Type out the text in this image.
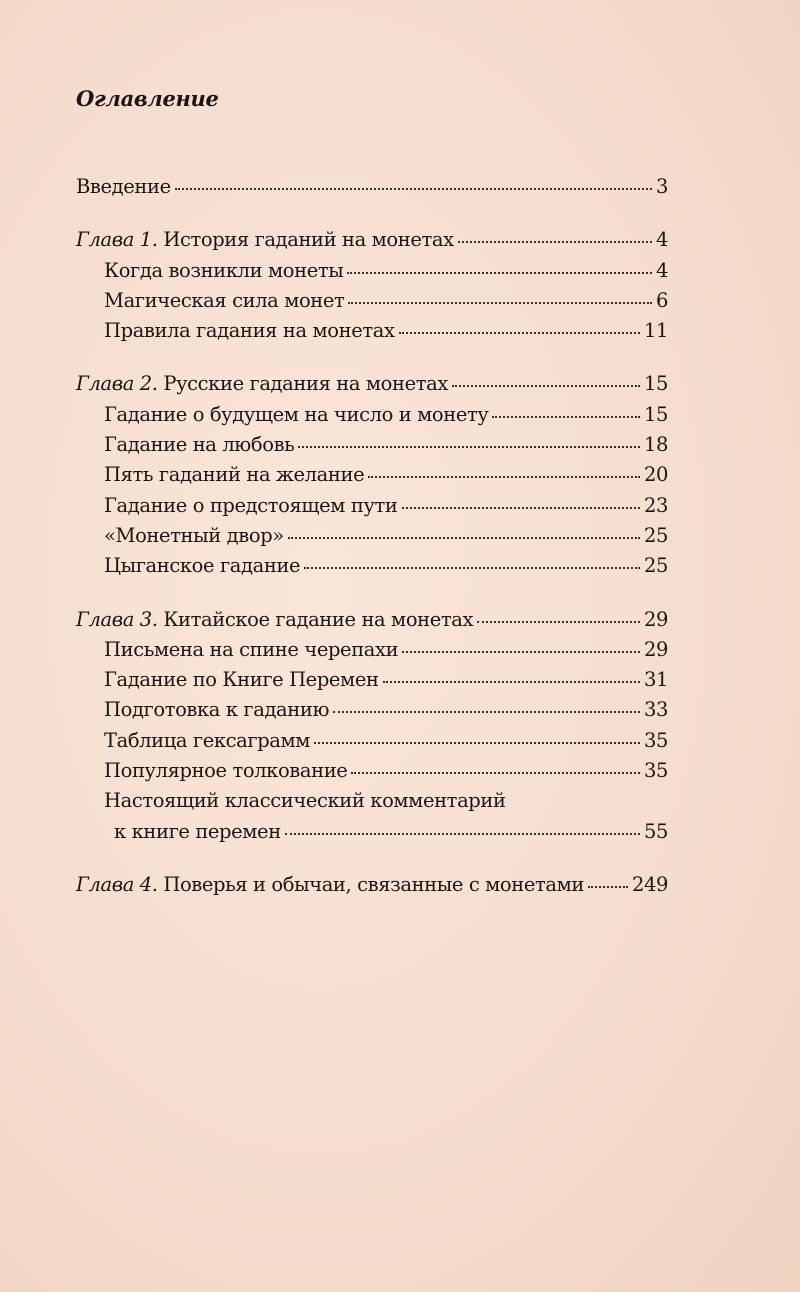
Оглавление
Введение	3
Глава 1. История гаданий на монетах	4
Когда возникли монеты	4
Магическая сила монет	6
Правила гадания на монетах	11
Глава 2. Русские гадания на монетах	15
Гадание о будущем на число и монету	15
Гадание на любовь	18
Пять гаданий на желание	20
Гадание о предстоящем пути	23
«Монетный двор»	25
Цыганское гадание	25
Глава 3. Китайское гадание на монетах	29
Письмена на спине черепахи	29
Гадание по Книге Перемен	31
Подготовка к гаданию	33
Таблица гексаграмм	35
Популярное толкование	35
Настоящий классический комментарий
к книге перемен	55
Глава 4. Поверья и обычаи, связанные с монетами 249
